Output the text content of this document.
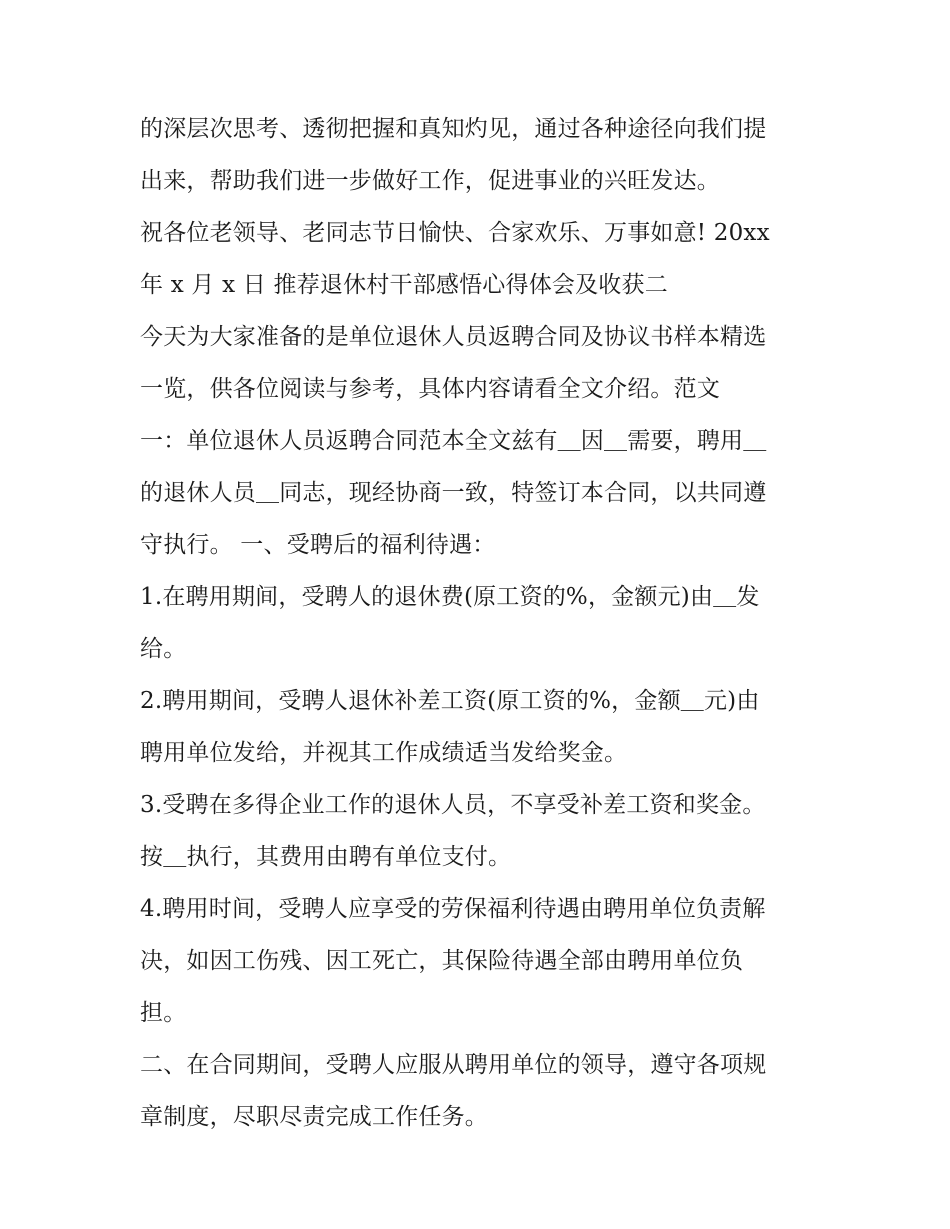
的深层次思考、透彻把握和真知灼见，通过各种途径向我们提
出来，帮助我们进一步做好工作，促进事业的兴旺发达。
祝各位老领导、老同志节日愉快、合家欢乐、万事如意! 20xx
年 x 月 x 日 推荐退休村干部感悟心得体会及收获二
今天为大家准备的是单位退休人员返聘合同及协议书样本精选
一览，供各位阅读与参考，具体内容请看全文介绍。范文
一：单位退休人员返聘合同范本全文兹有＿因＿需要，聘用＿
的退休人员＿同志，现经协商一致，特签订本合同，以共同遵
守执行。 一、受聘后的福利待遇：
1.在聘用期间，受聘人的退休费(原工资的%，金额元)由＿发
给。
2.聘用期间，受聘人退休补差工资(原工资的%，金额＿元)由
聘用单位发给，并视其工作成绩适当发给奖金。
3.受聘在多得企业工作的退休人员，不享受补差工资和奖金。
按＿执行，其费用由聘有单位支付。
4.聘用时间，受聘人应享受的劳保福利待遇由聘用单位负责解
决，如因工伤残、因工死亡，其保险待遇全部由聘用单位负
担。
二、在合同期间，受聘人应服从聘用单位的领导，遵守各项规
章制度，尽职尽责完成工作任务。
